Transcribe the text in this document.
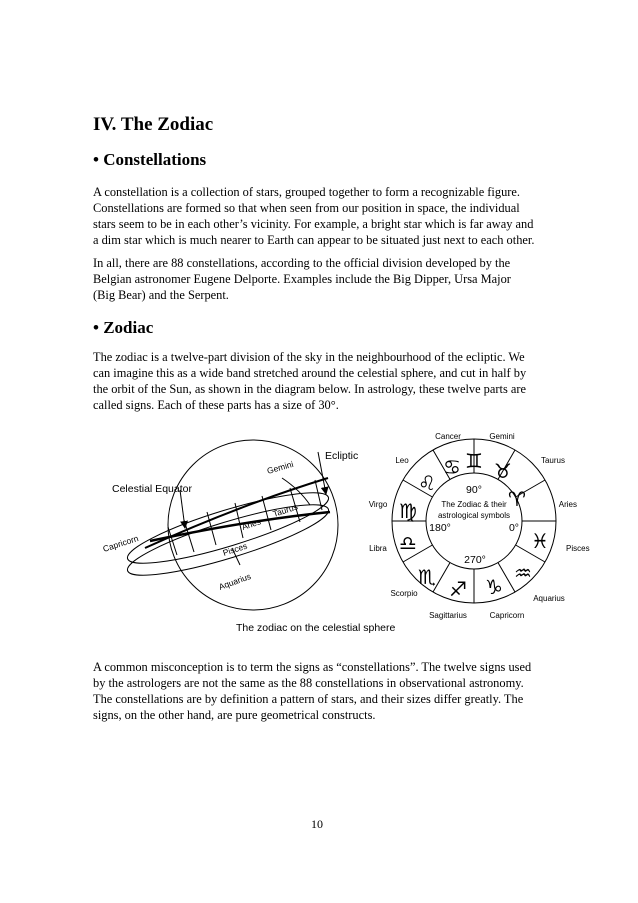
IV. The Zodiac
• Constellations
A constellation is a collection of stars, grouped together to form a recognizable figure.
Constellations are formed so that when seen from our position in space, the individual
stars seem to be in each other’s vicinity. For example, a bright star which is far away and
a dim star which is much nearer to Earth can appear to be situated just next to each other.
In all, there are 88 constellations, according to the official division developed by the
Belgian astronomer Eugene Delporte. Examples include the Big Dipper, Ursa Major
(Big Bear) and the Serpent.
• Zodiac
The zodiac is a twelve-part division of the sky in the neighbourhood of the ecliptic. We
can imagine this as a wide band stretched around the celestial sphere, and cut in half by
the orbit of the Sun, as shown in the diagram below. In astrology, these twelve parts are
called signs. Each of these parts has a size of 30°.
Ecliptic
Celestial Equator
Gemini
Taurus
Aries
Pisces
Aquarius
Capricorn
♈
♉
♊
♋
♌
♍
♎
♏
♐ ♑
♒
♓
90°
The Zodiac & their
astrological symbols
180°	0°
270°
Cancer	Gemini
Taurus
Aries
Pisces
Aquarius
Capricorn
Sagittarius
Scorpio
Libra
Virgo
Leo
The zodiac on the celestial sphere
A common misconception is to term the signs as “constellations”. The twelve signs used
by the astrologers are not the same as the 88 constellations in observational astronomy.
The constellations are by definition a pattern of stars, and their sizes differ greatly. The
signs, on the other hand, are pure geometrical constructs.
10
